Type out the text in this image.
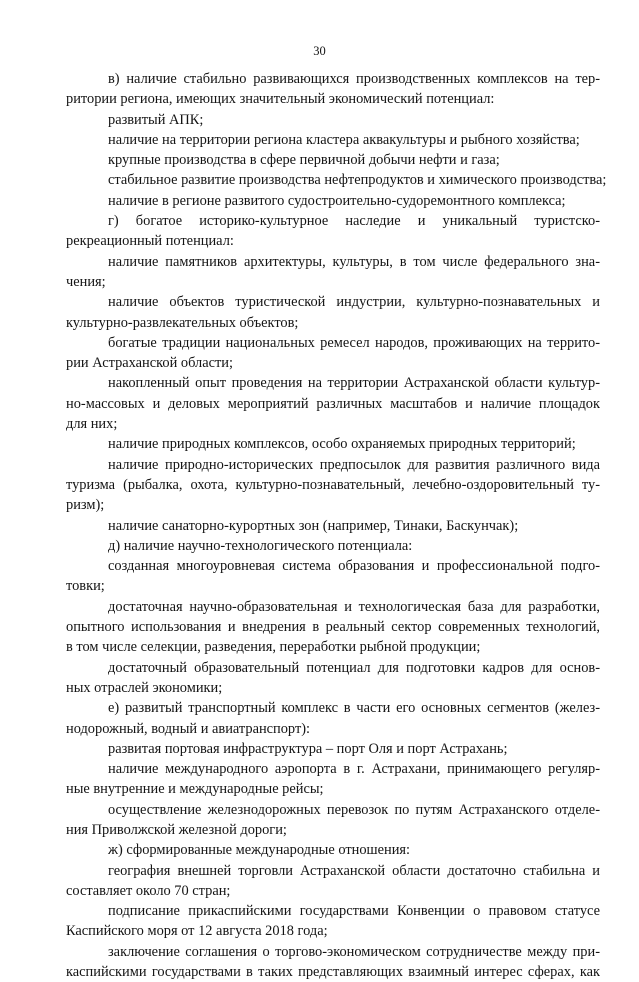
30
в) наличие стабильно развивающихся производственных комплексов на тер-
ритории региона, имеющих значительный экономический потенциал:
развитый АПК;
наличие на территории региона кластера аквакультуры и рыбного хозяйства;
крупные производства в сфере первичной добычи нефти и газа;
стабильное развитие производства нефтепродуктов и химического производства;
наличие в регионе развитого судостроительно-судоремонтного комплекса;
г) богатое историко-культурное наследие и уникальный туристско-
рекреационный потенциал:
наличие памятников архитектуры, культуры, в том числе федерального зна-
чения;
наличие объектов туристической индустрии, культурно-познавательных и
культурно-развлекательных объектов;
богатые традиции национальных ремесел народов, проживающих на террито-
рии Астраханской области;
накопленный опыт проведения на территории Астраханской области культур-
но-массовых и деловых мероприятий различных масштабов и наличие площадок
для них;
наличие природных комплексов, особо охраняемых природных территорий;
наличие природно-исторических предпосылок для развития различного вида
туризма (рыбалка, охота, культурно-познавательный, лечебно-оздоровительный ту-
ризм);
наличие санаторно-курортных зон (например, Тинаки, Баскунчак);
д) наличие научно-технологического потенциала:
созданная многоуровневая система образования и профессиональной подго-
товки;
достаточная научно-образовательная и технологическая база для разработки,
опытного использования и внедрения в реальный сектор современных технологий,
в том числе селекции, разведения, переработки рыбной продукции;
достаточный образовательный потенциал для подготовки кадров для основ-
ных отраслей экономики;
е) развитый транспортный комплекс в части его основных сегментов (желез-
нодорожный, водный и авиатранспорт):
развитая портовая инфраструктура – порт Оля и порт Астрахань;
наличие международного аэропорта в г. Астрахани, принимающего регуляр-
ные внутренние и международные рейсы;
осуществление железнодорожных перевозок по путям Астраханского отделе-
ния Приволжской железной дороги;
ж) сформированные международные отношения:
география внешней торговли Астраханской области достаточно стабильна и
составляет около 70 стран;
подписание прикаспийскими государствами Конвенции о правовом статусе
Каспийского моря от 12 августа 2018 года;
заключение соглашения о торгово-экономическом сотрудничестве между при-
каспийскими государствами в таких представляющих взаимный интерес сферах, как
